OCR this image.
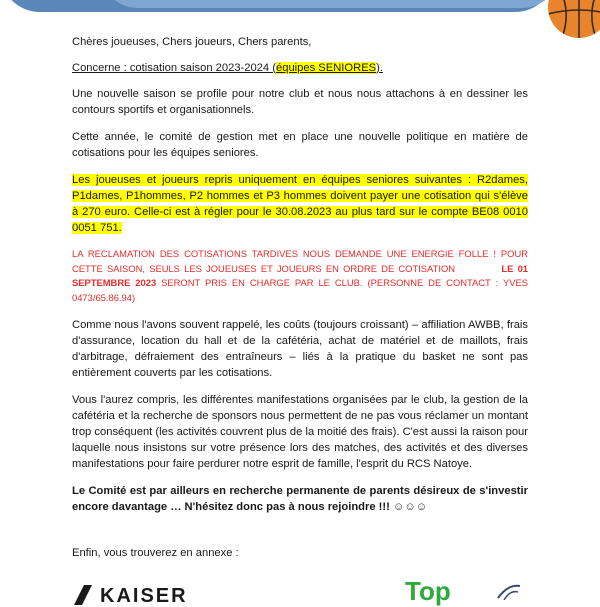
Chères joueuses, Chers joueurs, Chers parents,

Concerne : cotisation saison 2023-2024 (équipes SENIORES).

Une nouvelle saison se profile pour notre club et nous nous attachons à en dessiner les contours sportifs et organisationnels.

Cette année, le comité de gestion met en place une nouvelle politique en matière de cotisations pour les équipes seniores.

Les joueuses et joueurs repris uniquement en équipes seniores suivantes : R2dames, P1dames, P1hommes, P2 hommes et P3 hommes doivent payer une cotisation qui s'élève à 270 euro. Celle-ci est à régler pour le 30.08.2023 au plus tard sur le compte BE08 0010 0051 751.

LA RECLAMATION DES COTISATIONS TARDIVES NOUS DEMANDE UNE ENERGIE FOLLE ! POUR CETTE SAISON, SEULS LES JOUEUSES ET JOUEURS EN ORDRE DE COTISATION	LE 01 SEPTEMBRE 2023 SERONT PRIS EN CHARGE PAR LE CLUB. (PERSONNE DE CONTACT : YVES 0473/65.86.94)

Comme nous l'avons souvent rappelé, les coûts (toujours croissant) – affiliation AWBB, frais d'assurance, location du hall et de la cafétéria, achat de matériel et de maillots, frais d'arbitrage, défraiement des entraîneurs – liés à la pratique du basket ne sont pas entièrement couverts par les cotisations.

Vous l'aurez compris, les différentes manifestations organisées par le club, la gestion de la cafétéria et la recherche de sponsors nous permettent de ne pas vous réclamer un montant trop conséquent (les activités couvrent plus de la moitié des frais). C'est aussi la raison pour laquelle nous insistons sur votre présence lors des matches, des activités et des diverses manifestations pour faire perdurer notre esprit de famille, l'esprit du RCS Natoye.

Le Comité est par ailleurs en recherche permanente de parents désireux de s'investir encore davantage … N'hésitez donc pas à nous rejoindre !!! ☺☺☺

Enfin, vous trouverez en annexe :

KAISER	Top
